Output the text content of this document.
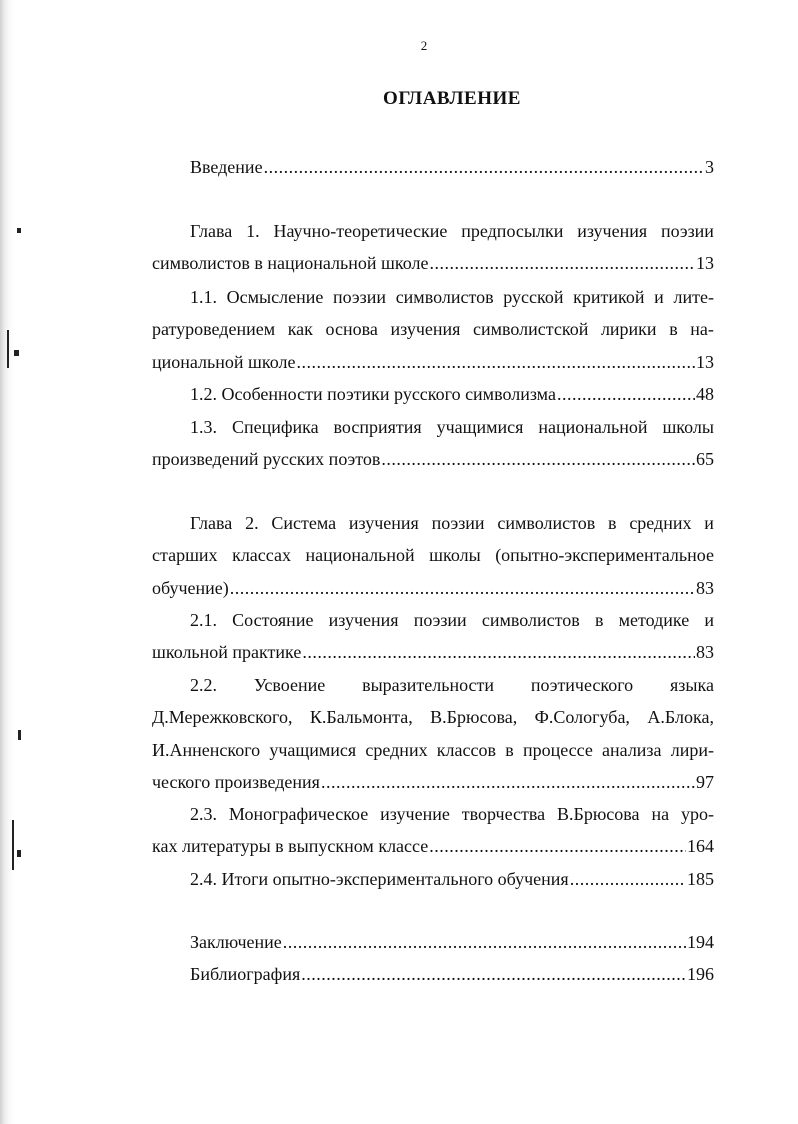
2
ОГЛАВЛЕНИЕ
Введение .....	3
Глава 1. Научно-теоретические предпосылки изучения поэзии
символистов в национальной школе .....	13
1.1. Осмысление поэзии символистов русской критикой и лите-
ратуроведением как основа изучения символистской лирики в на-
циональной школе .....	13
1.2. Особенности поэтики русского символизма .....	48
1.3. Специфика восприятия учащимися национальной школы
произведений русских поэтов .....	65
Глава 2. Система изучения поэзии символистов в средних и
старших классах национальной школы (опытно-экспериментальное
обучение) .....	83
2.1. Состояние изучения поэзии символистов в методике и
школьной практике .....	83
2.2. Усвоение выразительности поэтического языка
Д.Мережковского, К.Бальмонта, В.Брюсова, Ф.Сологуба, А.Блока,
И.Анненского учащимися средних классов в процессе анализа лири-
ческого произведения .....	97
2.3. Монографическое изучение творчества В.Брюсова на уро-
ках литературы в выпускном классе .....	164
2.4. Итоги опытно-экспериментального обучения .....	185
Заключение .....	194
Библиография .....	196
